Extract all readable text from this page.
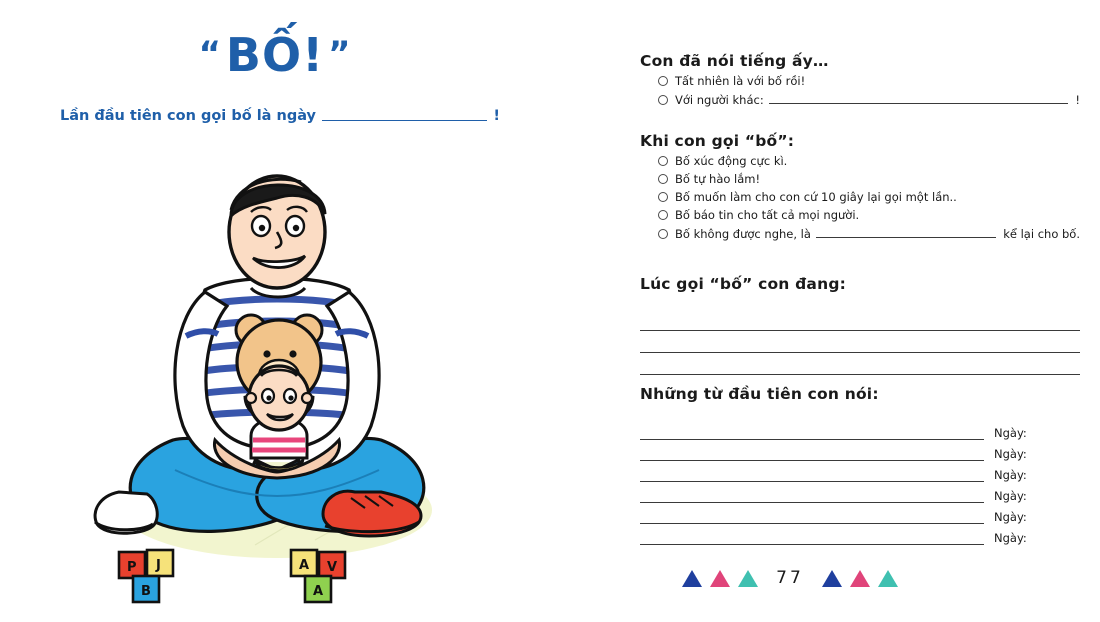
“BỐ! ”
Lần đầu tiên con gọi bố là ngày	!
P J
B
A V
A
Con đã nói tiếng ấy…
Tất nhiên là với bố rồi!
Với người khác:	!
Khi con gọi “bố”:
Bố xúc động cực kì.
Bố tự hào lắm!
Bố muốn làm cho con cứ 10 giây lại gọi một lần..
Bố báo tin cho tất cả mọi người.
Bố không được nghe, là	kể lại cho bố.
Lúc gọi “bố” con đang:
Những từ đầu tiên con nói:
Ngày:
Ngày:
Ngày:
Ngày:
Ngày:
Ngày:
77
